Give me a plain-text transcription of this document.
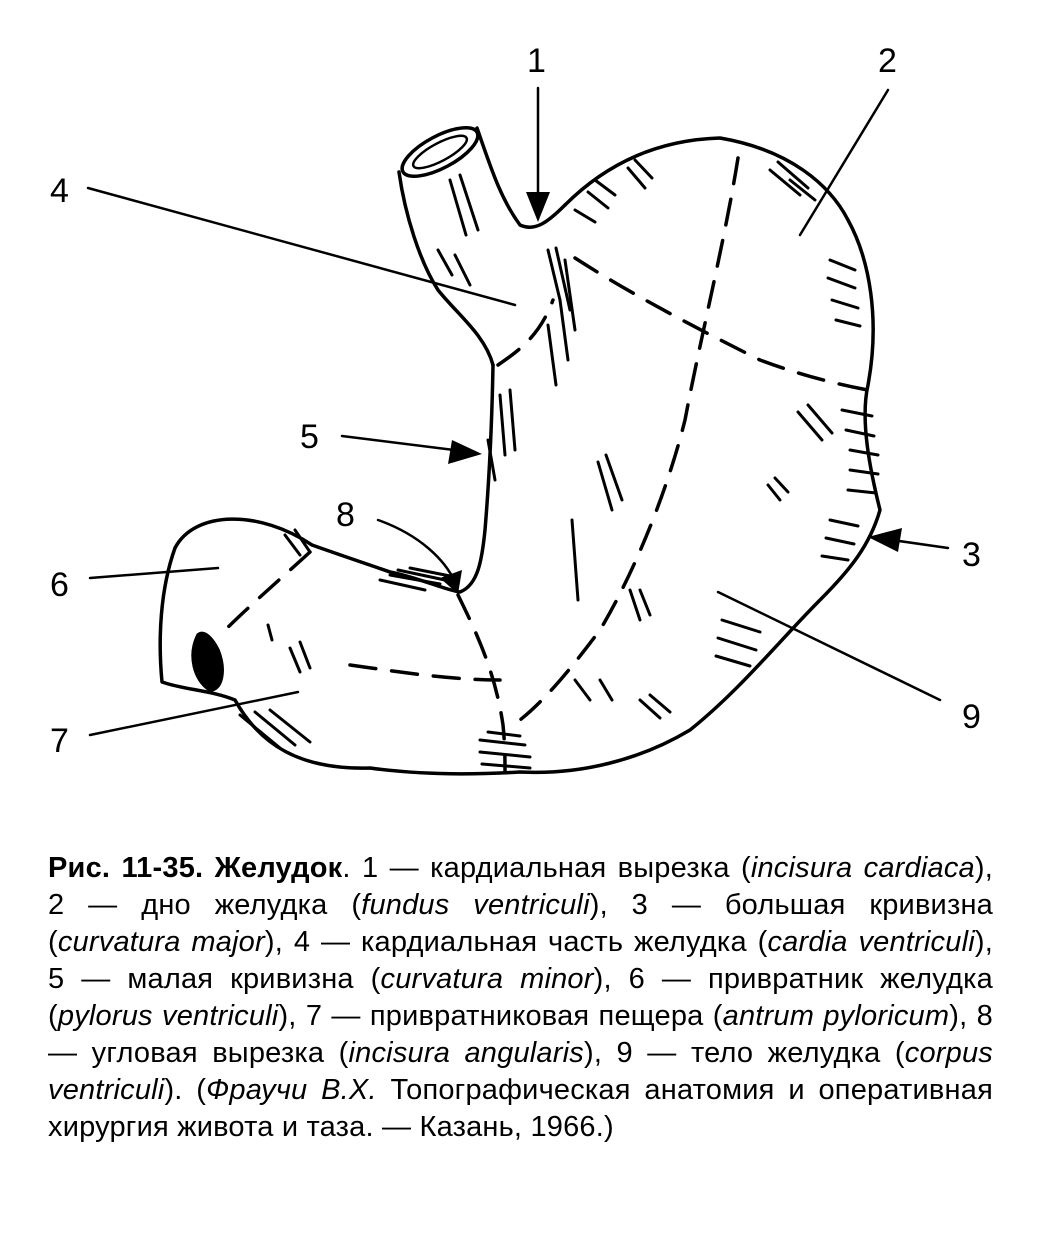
1	2
3
4
5
6
7
8
9

Рис. 11-35. Желудок. 1 — кардиальная вырезка (incisura cardiaca), 2 — дно желудка (fundus ventriculi), 3 — большая кривизна (curvatura major), 4 — кардиальная часть желудка (cardia ventriculi), 5 — малая кривизна (curvatura minor), 6 — привратник желудка (pylorus ventriculi), 7 — привратниковая пещера (antrum pyloricum), 8 — угловая вырезка (incisura angularis), 9 — тело желудка (corpus ventriculi). (Фраучи В.Х. Топографическая анатомия и оперативная хирургия живота и таза. — Казань, 1966.)
